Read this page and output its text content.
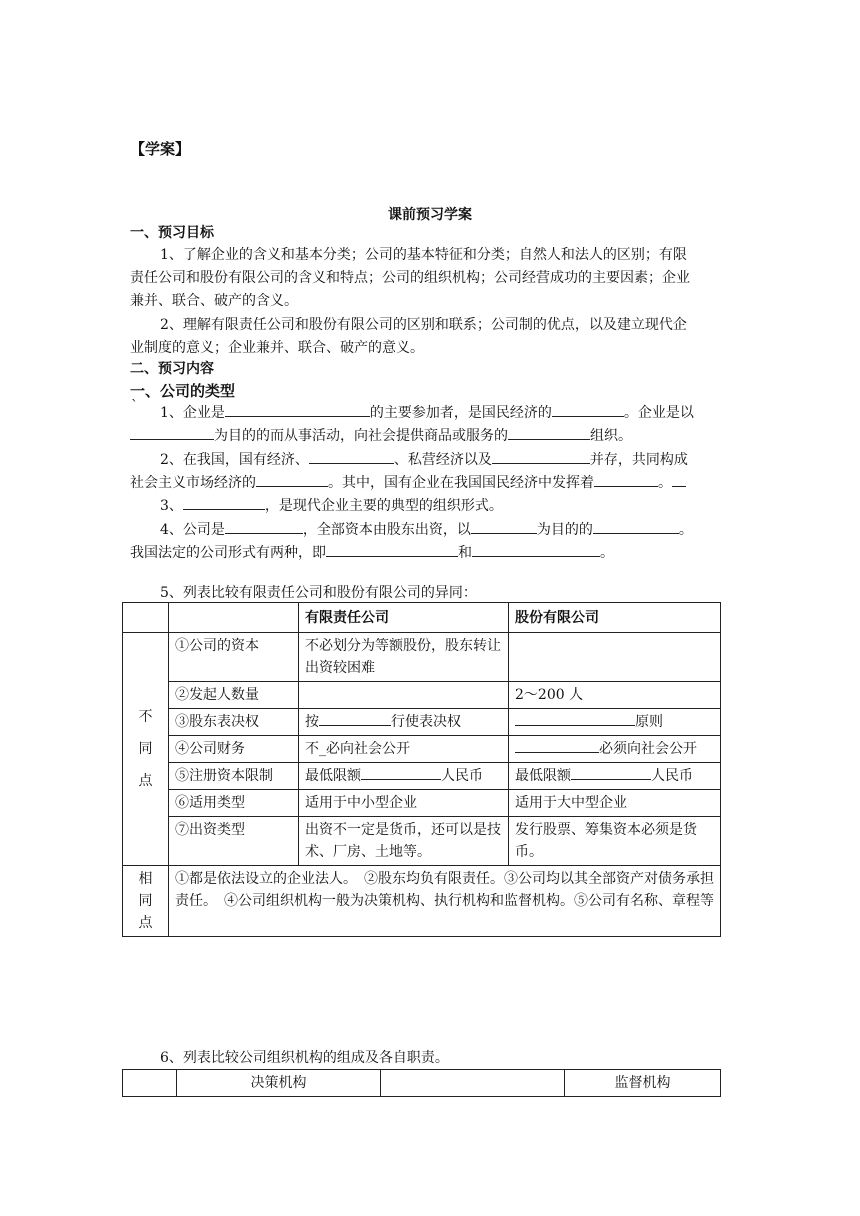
【学案】
课前预习学案
一、预习目标
1、了解企业的含义和基本分类；公司的基本特征和分类；自然人和法人的区别；有限
责任公司和股份有限公司的含义和特点；公司的组织机构；公司经营成功的主要因素；企业
兼并、联合、破产的含义。
2、理解有限责任公司和股份有限公司的区别和联系；公司制的优点，以及建立现代企
业制度的意义；企业兼并、联合、破产的意义。
二、预习内容
一、公司的类型
` 1、企业是	的主要参加者，是国民经济的	。企业是以
为目的的而从事活动，向社会提供商品或服务的	组织。
2、在我国，国有经济、	、私营经济以及	并存，共同构成
社会主义市场经济的	。其中，国有企业在我国国民经济中发挥着	。
3、	，是现代企业主要的典型的组织形式。
4、公司是	，全部资本由股东出资，以	为目的的	。
我国法定的公司形式有两种，即	和	。
5、列表比较有限责任公司和股份有限公司的异同：
		有限责任公司	股份有限公司

不
同
点	①公司的资本	不必划分为等额股份，股东转让出资较困难	
	②发起人数量		2～200 人
	③股东表决权	按 行使表决权	原则
	④公司财务	不_必向社会公开	必须向社会公开
	⑤注册资本限制	最低限额 人民币	最低限额 人民币
	⑥适用类型	适用于中小型企业	适用于大中型企业
	⑦出资类型	出资不一定是货币，还可以是技术、厂房、土地等。	发行股票、筹集资本必须是货币。

相
同
点	①都是依法设立的企业法人。　②股东均负有限责任。③公司均以其全部资产对债务承担责任。　④公司组织机构一般为决策机构、执行机构和监督机构。⑤公司有名称、章程等		
6、列表比较公司组织机构的组成及各自职责。
	决策机构		监督机构
